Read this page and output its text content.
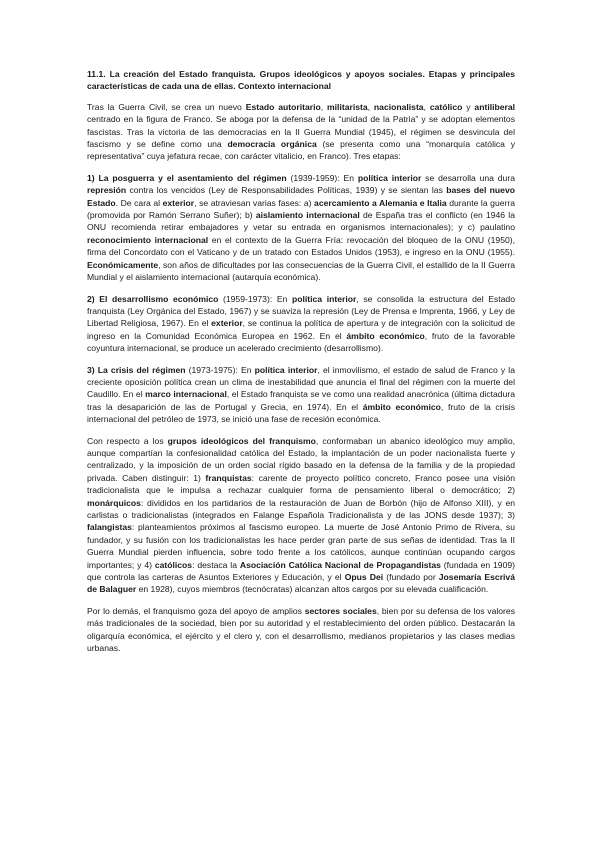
11.1. La creación del Estado franquista. Grupos ideológicos y apoyos sociales. Etapas y principales características de cada una de ellas. Contexto internacional

Tras la Guerra Civil, se crea un nuevo Estado autoritario, militarista, nacionalista, católico y antiliberal centrado en la figura de Franco. Se aboga por la defensa de la “unidad de la Patria” y se adoptan elementos fascistas. Tras la victoria de las democracias en la II Guerra Mundial (1945), el régimen se desvincula del fascismo y se define como una democracia orgánica (se presenta como una “monarquía católica y representativa” cuya jefatura recae, con carácter vitalicio, en Franco). Tres etapas:

1) La posguerra y el asentamiento del régimen (1939-1959): En política interior se desarrolla una dura represión contra los vencidos (Ley de Responsabilidades Políticas, 1939) y se sientan las bases del nuevo Estado. De cara al exterior, se atraviesan varias fases: a) acercamiento a Alemania e Italia durante la guerra (promovida por Ramón Serrano Suñer); b) aislamiento internacional de España tras el conflicto (en 1946 la ONU recomienda retirar embajadores y vetar su entrada en organismos internacionales); y c) paulatino reconocimiento internacional en el contexto de la Guerra Fría: revocación del bloqueo de la ONU (1950), firma del Concordato con el Vaticano y de un tratado con Estados Unidos (1953), e ingreso en la ONU (1955). Económicamente, son años de dificultades por las consecuencias de la Guerra Civil, el estallido de la II Guerra Mundial y el aislamiento internacional (autarquía económica).

2) El desarrollismo económico (1959-1973): En política interior, se consolida la estructura del Estado franquista (Ley Orgánica del Estado, 1967) y se suaviza la represión (Ley de Prensa e Imprenta, 1966, y Ley de Libertad Religiosa, 1967). En el exterior, se continua la política de apertura y de integración con la solicitud de ingreso en la Comunidad Económica Europea en 1962. En el ámbito económico, fruto de la favorable coyuntura internacional, se produce un acelerado crecimiento (desarrollismo).

3) La crisis del régimen (1973-1975): En política interior, el inmovilismo, el estado de salud de Franco y la creciente oposición política crean un clima de inestabilidad que anuncia el final del régimen con la muerte del Caudillo. En el marco internacional, el Estado franquista se ve como una realidad anacrónica (última dictadura tras la desaparición de las de Portugal y Grecia, en 1974). En el ámbito económico, fruto de la crisis internacional del petróleo de 1973, se inició una fase de recesión económica.

Con respecto a los grupos ideológicos del franquismo, conformaban un abanico ideológico muy amplio, aunque compartían la confesionalidad católica del Estado, la implantación de un poder nacionalista fuerte y centralizado, y la imposición de un orden social rígido basado en la defensa de la familia y de la propiedad privada. Caben distinguir: 1) franquistas: carente de proyecto político concreto, Franco posee una visión tradicionalista que le impulsa a rechazar cualquier forma de pensamiento liberal o democrático; 2) monárquicos: divididos en los partidarios de la restauración de Juan de Borbón (hijo de Alfonso XIII), y en carlistas o tradicionalistas (integrados en Falange Española Tradicionalista y de las JONS desde 1937); 3) falangistas: planteamientos próximos al fascismo europeo. La muerte de José Antonio Primo de Rivera, su fundador, y su fusión con los tradicionalistas les hace perder gran parte de sus señas de identidad. Tras la II Guerra Mundial pierden influencia, sobre todo frente a los católicos, aunque continúan ocupando cargos importantes; y 4) católicos: destaca la Asociación Católica Nacional de Propagandistas (fundada en 1909) que controla las carteras de Asuntos Exteriores y Educación, y el Opus Dei (fundado por Josemaría Escrivá de Balaguer en 1928), cuyos miembros (tecnócratas) alcanzan altos cargos por su elevada cualificación.

Por lo demás, el franquismo goza del apoyo de amplios sectores sociales, bien por su defensa de los valores más tradicionales de la sociedad, bien por su autoridad y el restablecimiento del orden público. Destacarán la oligarquía económica, el ejército y el clero y, con el desarrollismo, medianos propietarios y las clases medias urbanas.
